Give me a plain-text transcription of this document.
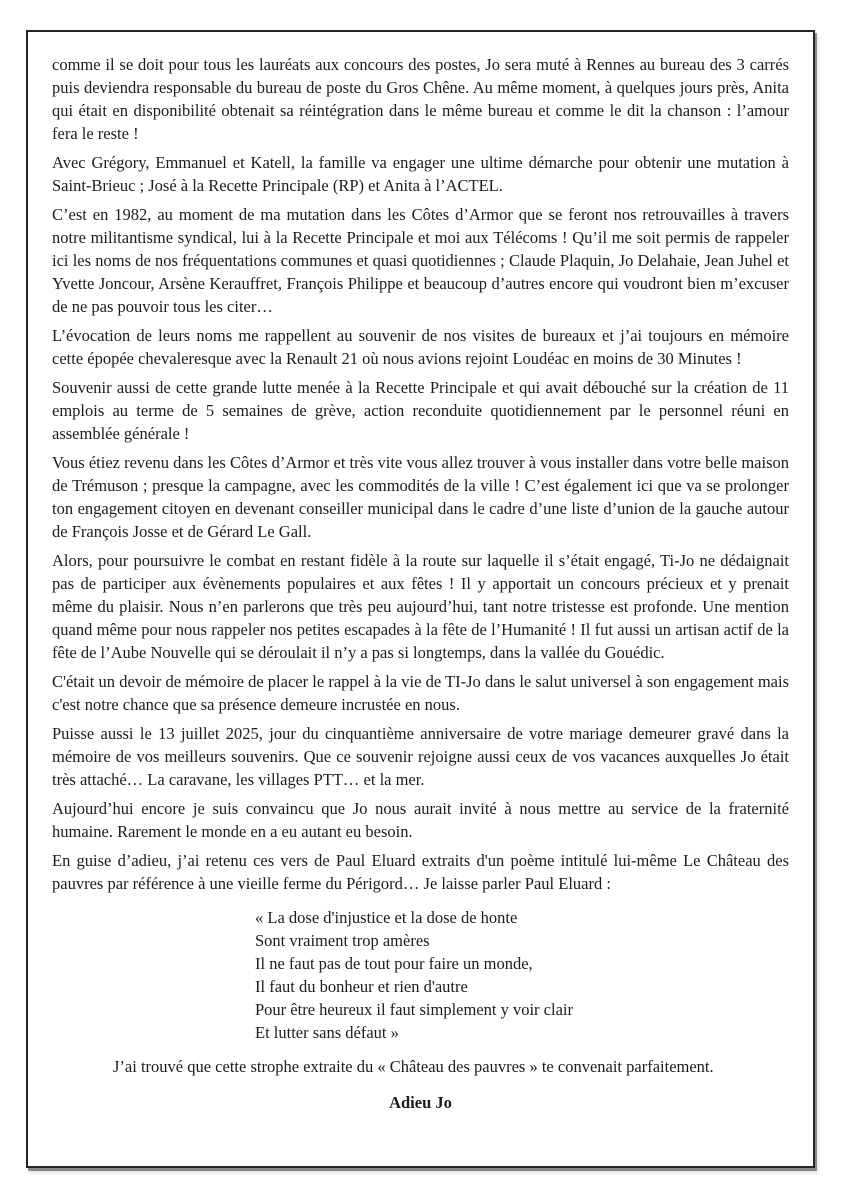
comme il se doit pour tous les lauréats aux concours des postes, Jo sera muté à Rennes au bureau des 3 carrés puis deviendra responsable du bureau de poste du Gros Chêne. Au même moment, à quelques jours près, Anita qui était en disponibilité obtenait sa réintégration dans le même bureau et comme le dit la chanson : l’amour fera le reste !

Avec Grégory, Emmanuel et Katell, la famille va engager une ultime démarche pour obtenir une mutation à Saint-Brieuc ; José à la Recette Principale (RP) et Anita à l’ACTEL.

C’est en 1982, au moment de ma mutation dans les Côtes d’Armor que se feront nos retrouvailles à travers notre militantisme syndical, lui à la Recette Principale et moi aux Télécoms ! Qu’il me soit permis de rappeler ici les noms de nos fréquentations communes et quasi quotidiennes ; Claude Plaquin, Jo Delahaie, Jean Juhel et Yvette Joncour, Arsène Kerauffret, François Philippe et beaucoup d’autres encore qui voudront bien m’excuser de ne pas pouvoir tous les citer…

L’évocation de leurs noms me rappellent au souvenir de nos visites de bureaux et j’ai toujours en mémoire cette épopée chevaleresque avec la Renault 21 où nous avions rejoint Loudéac en moins de 30 Minutes !

Souvenir aussi de cette grande lutte menée à la Recette Principale et qui avait débouché sur la création de 11 emplois au terme de 5 semaines de grève, action reconduite quotidiennement par le personnel réuni en assemblée générale !

Vous étiez revenu dans les Côtes d’Armor et très vite vous allez trouver à vous installer dans votre belle maison de Trémuson ; presque la campagne, avec les commodités de la ville ! C’est également ici que va se prolonger ton engagement citoyen en devenant conseiller municipal dans le cadre d’une liste d’union de la gauche autour de François Josse et de Gérard Le Gall.

Alors, pour poursuivre le combat en restant fidèle à la route sur laquelle il s’était engagé, Ti-Jo ne dédaignait pas de participer aux évènements populaires et aux fêtes ! Il y apportait un concours précieux et y prenait même du plaisir. Nous n’en parlerons que très peu aujourd’hui, tant notre tristesse est profonde. Une mention quand même pour nous rappeler nos petites escapades à la fête de l’Humanité ! Il fut aussi un artisan actif de la fête de l’Aube Nouvelle qui se déroulait il n’y a pas si longtemps, dans la vallée du Gouédic.

C'était un devoir de mémoire de placer le rappel à la vie de TI-Jo dans le salut universel à son engagement mais c'est notre chance que sa présence demeure incrustée en nous.

Puisse aussi le 13 juillet 2025, jour du cinquantième anniversaire de votre mariage demeurer gravé dans la mémoire de vos meilleurs souvenirs. Que ce souvenir rejoigne aussi ceux de vos vacances auxquelles Jo était très attaché… La caravane, les villages PTT… et la mer.

Aujourd’hui encore je suis convaincu que Jo nous aurait invité à nous mettre au service de la fraternité humaine. Rarement le monde en a eu autant eu besoin.

En guise d’adieu, j’ai retenu ces vers de Paul Eluard extraits d'un poème intitulé lui-même Le Château des pauvres par référence à une vieille ferme du Périgord… Je laisse parler Paul Eluard :

« La dose d'injustice et la dose de honte
Sont vraiment trop amères
Il ne faut pas de tout pour faire un monde,
Il faut du bonheur et rien d'autre
Pour être heureux il faut simplement y voir clair
Et lutter sans défaut »

J’ai trouvé que cette strophe extraite du « Château des pauvres » te convenait parfaitement.

Adieu Jo
